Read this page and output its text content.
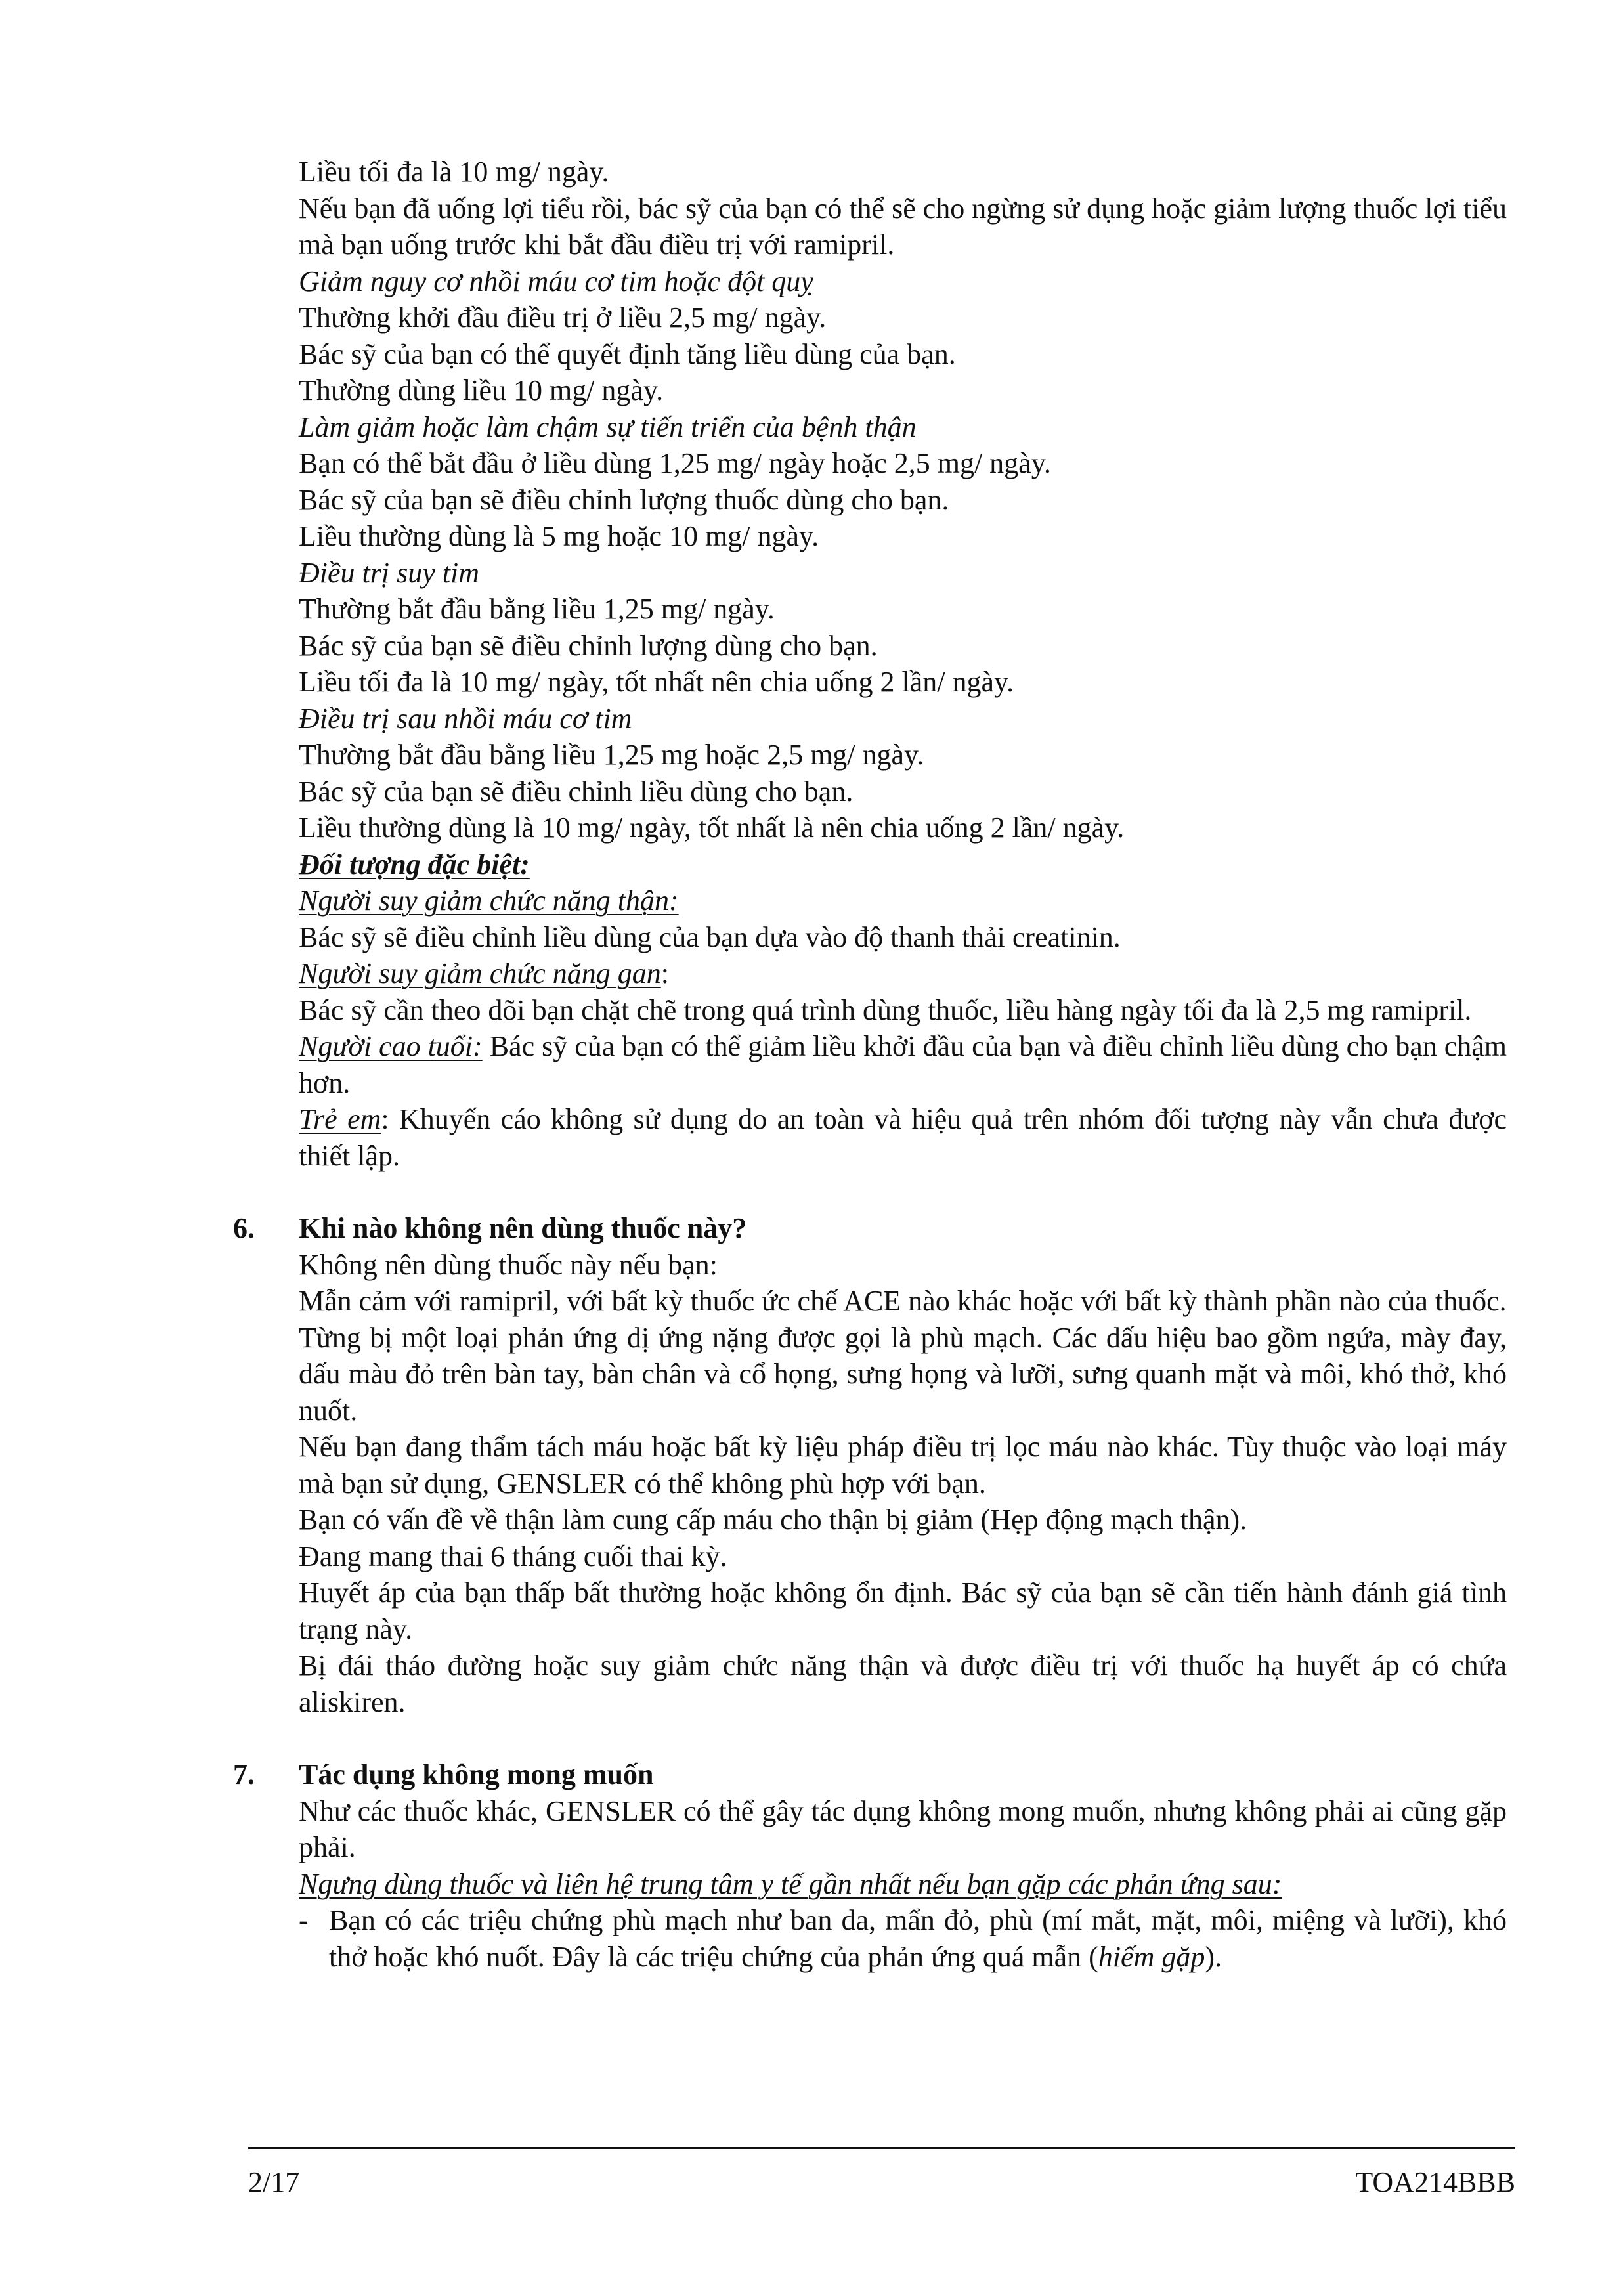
Liều tối đa là 10 mg/ ngày.

Nếu bạn đã uống lợi tiểu rồi, bác sỹ của bạn có thể sẽ cho ngừng sử dụng hoặc giảm lượng thuốc lợi tiểu mà bạn uống trước khi bắt đầu điều trị với ramipril.

Giảm nguy cơ nhồi máu cơ tim hoặc đột quỵ

Thường khởi đầu điều trị ở liều 2,5 mg/ ngày.

Bác sỹ của bạn có thể quyết định tăng liều dùng của bạn.

Thường dùng liều 10 mg/ ngày.

Làm giảm hoặc làm chậm sự tiến triển của bệnh thận

Bạn có thể bắt đầu ở liều dùng 1,25 mg/ ngày hoặc 2,5 mg/ ngày.

Bác sỹ của bạn sẽ điều chỉnh lượng thuốc dùng cho bạn.

Liều thường dùng là 5 mg hoặc 10 mg/ ngày.

Điều trị suy tim

Thường bắt đầu bằng liều 1,25 mg/ ngày.

Bác sỹ của bạn sẽ điều chỉnh lượng dùng cho bạn.

Liều tối đa là 10 mg/ ngày, tốt nhất nên chia uống 2 lần/ ngày.

Điều trị sau nhồi máu cơ tim

Thường bắt đầu bằng liều 1,25 mg hoặc 2,5 mg/ ngày.

Bác sỹ của bạn sẽ điều chỉnh liều dùng cho bạn.

Liều thường dùng là 10 mg/ ngày, tốt nhất là nên chia uống 2 lần/ ngày.

Đối tượng đặc biệt:

Người suy giảm chức năng thận:

Bác sỹ sẽ điều chỉnh liều dùng của bạn dựa vào độ thanh thải creatinin.

Người suy giảm chức năng gan:

Bác sỹ cần theo dõi bạn chặt chẽ trong quá trình dùng thuốc, liều hàng ngày tối đa là 2,5 mg ramipril.

Người cao tuổi: Bác sỹ của bạn có thể giảm liều khởi đầu của bạn và điều chỉnh liều dùng cho bạn chậm hơn.

Trẻ em: Khuyến cáo không sử dụng do an toàn và hiệu quả trên nhóm đối tượng này vẫn chưa được thiết lập.

6. Khi nào không nên dùng thuốc này?

Không nên dùng thuốc này nếu bạn:

Mẫn cảm với ramipril, với bất kỳ thuốc ức chế ACE nào khác hoặc với bất kỳ thành phần nào của thuốc.

Từng bị một loại phản ứng dị ứng nặng được gọi là phù mạch. Các dấu hiệu bao gồm ngứa, mày đay, dấu màu đỏ trên bàn tay, bàn chân và cổ họng, sưng họng và lưỡi, sưng quanh mặt và môi, khó thở, khó nuốt.

Nếu bạn đang thẩm tách máu hoặc bất kỳ liệu pháp điều trị lọc máu nào khác. Tùy thuộc vào loại máy mà bạn sử dụng, GENSLER có thể không phù hợp với bạn.

Bạn có vấn đề về thận làm cung cấp máu cho thận bị giảm (Hẹp động mạch thận).

Đang mang thai 6 tháng cuối thai kỳ.

Huyết áp của bạn thấp bất thường hoặc không ổn định. Bác sỹ của bạn sẽ cần tiến hành đánh giá tình trạng này.

Bị đái tháo đường hoặc suy giảm chức năng thận và được điều trị với thuốc hạ huyết áp có chứa aliskiren.

7. Tác dụng không mong muốn

Như các thuốc khác, GENSLER có thể gây tác dụng không mong muốn, nhưng không phải ai cũng gặp phải.

Ngưng dùng thuốc và liên hệ trung tâm y tế gần nhất nếu bạn gặp các phản ứng sau:

- Bạn có các triệu chứng phù mạch như ban da, mẩn đỏ, phù (mí mắt, mặt, môi, miệng và lưỡi), khó thở hoặc khó nuốt. Đây là các triệu chứng của phản ứng quá mẫn (hiếm gặp).

2/17	TOA214BBB
